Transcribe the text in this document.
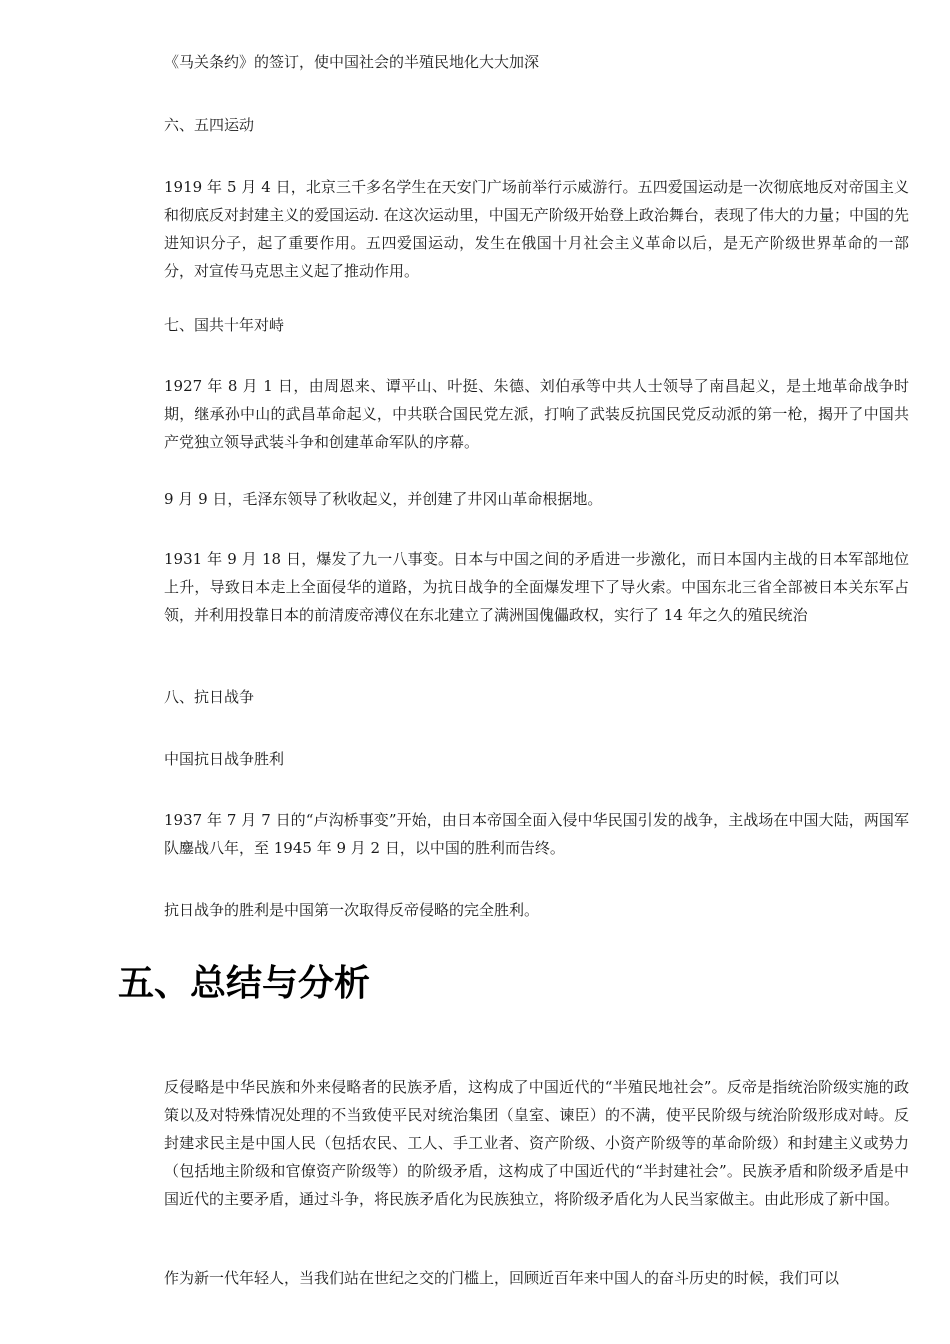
《马关条约》的签订，使中国社会的半殖民地化大大加深

六、五四运动

1919 年 5 月 4 日，北京三千多名学生在天安门广场前举行示威游行。五四爱国运动是一次彻底地反对帝国主义和彻底反对封建主义的爱国运动. 在这次运动里，中国无产阶级开始登上政治舞台，表现了伟大的力量；中国的先进知识分子，起了重要作用。五四爱国运动，发生在俄国十月社会主义革命以后，是无产阶级世界革命的一部分，对宣传马克思主义起了推动作用。

七、国共十年对峙

1927 年 8 月 1 日，由周恩来、谭平山、叶挺、朱德、刘伯承等中共人士领导了南昌起义，是土地革命战争时期，继承孙中山的武昌革命起义，中共联合国民党左派，打响了武装反抗国民党反动派的第一枪，揭开了中国共产党独立领导武装斗争和创建革命军队的序幕。

9 月 9 日，毛泽东领导了秋收起义，并创建了井冈山革命根据地。

1931 年 9 月 18 日，爆发了九一八事变。日本与中国之间的矛盾进一步激化，而日本国内主战的日本军部地位上升，导致日本走上全面侵华的道路，为抗日战争的全面爆发埋下了导火索。中国东北三省全部被日本关东军占领，并利用投靠日本的前清废帝溥仪在东北建立了满洲国傀儡政权，实行了 14 年之久的殖民统治

八、抗日战争

中国抗日战争胜利

1937 年 7 月 7 日的“卢沟桥事变”开始，由日本帝国全面入侵中华民国引发的战争，主战场在中国大陆，两国军队鏖战八年，至 1945 年 9 月 2 日，以中国的胜利而告终。

抗日战争的胜利是中国第一次取得反帝侵略的完全胜利。

五、总结与分析

反侵略是中华民族和外来侵略者的民族矛盾，这构成了中国近代的“半殖民地社会”。反帝是指统治阶级实施的政策以及对特殊情况处理的不当致使平民对统治集团（皇室、谏臣）的不满，使平民阶级与统治阶级形成对峙。反封建求民主是中国人民（包括农民、工人、手工业者、资产阶级、小资产阶级等的革命阶级）和封建主义或势力（包括地主阶级和官僚资产阶级等）的阶级矛盾，这构成了中国近代的“半封建社会”。民族矛盾和阶级矛盾是中国近代的主要矛盾，通过斗争，将民族矛盾化为民族独立，将阶级矛盾化为人民当家做主。由此形成了新中国。

作为新一代年轻人，当我们站在世纪之交的门槛上，回顾近百年来中国人的奋斗历史的时候，我们可以
